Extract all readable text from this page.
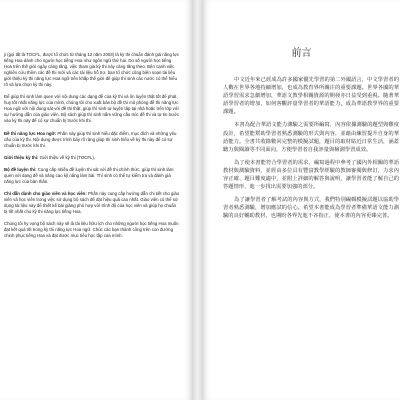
ji (gọi tắt là TOCFL, được tổ chức từ tháng 12 năm 2003) là kỳ thi chuẩn đánh giá năng lực tiếng Hoa dành cho người học tiếng Hoa như ngôn ngữ thứ hai. Do số người học tiếng Hoa trên thế giới ngày càng tăng, việc tham gia kỳ thi này càng tăng theo. Bên cạnh việc nghiên cứu thêm các đề thi mới và các tài liệu hỗ trợ, ban tổ chức cũng biên soạn tài liệu giới thiệu kỳ thi năng lực Hoa ngữ trên khắp thế giới để giúp thí sinh các nước có thể hiểu rõ và lựa chọn kỳ thi này.

Để giúp thí sinh làm quen với nội dung các dạng đề của kỳ thi và ôn luyện thật tốt để phát huy tốt nhất năng lực của mình, chúng tôi cho xuất bản bộ đề thi mô phỏng đề thi năng lực Hoa ngữ với nội dung sát với đề thi thật, giúp thí sinh tự luyện tập tại nhà hoặc trên lớp với sự hướng dẫn của giáo viên. Bộ sách giúp thí sinh nắm vững cấu trúc đề thi và tự tin bước vào kỳ thi này để có sự chuẩn bị trước khi thi.

Đề thi năng lực Hoa ngữ: Phần này giúp thí sinh hiểu đặc điểm, mục đích và những yêu cầu của kỳ thi. Nội dung được trình bày rõ ràng giúp thí sinh hiểu về kỳ thi này để có sự chuẩn bị trước khi thi.

Giới thiệu kỳ thi: Giới thiệu về kỳ thi (TOCFL).

Bộ đề luyện thi: Cung cấp nhiều đề luyện thi sát với đề thi chính thức, giúp thí sinh làm quen với dạng đề và nâng cao kỹ năng làm bài. Thí sinh có thể tự kiểm tra và đánh giá năng lực của bản thân.

Chỉ dẫn dành cho giáo viên và học viên: Phần này cung cấp hướng dẫn chi tiết cho giáo viên và học viên trong việc sử dụng bộ sách để đạt hiệu quả cao nhất. Giáo viên có thể sử dụng tài liệu này để thiết kế bài giảng phù hợp với trình độ của học viên và giúp họ chuẩn bị tốt nhất cho kỳ thi năng lực tiếng Hoa.

Chúng tôi hy vọng bộ sách này sẽ là tài liệu hữu ích cho những người học tiếng Hoa muốn đạt kết quả tốt trong kỳ thi năng lực Hoa ngữ. Chúc các bạn thành công trên con đường chinh phục tiếng Hoa và đạt được mục tiêu học tập của mình.

前言

中文近年來已經成為許多國家優先學習的第二外國語言，中文學習者的人數在世界各地持續增加，也成為教育界所關注的重要課題。世界各國的華語學習需求急劇增加，華語文教學相關資源的開發亦日益受到重視。隨著華語學習者的增加，如何客觀評量學習者的華語能力，成為華語教學界的重要課題。

本書為配合華語文能力測驗之需要所編寫，內容依據測驗的題型與難度設計，希望能幫助學習者熟悉測驗的形式與內容，並藉由練習提升自身的華語能力。全書共收錄數回完整的模擬試題，題目的取材貼近日常生活，涵蓋聽力與閱讀等不同面向，方便學習者自我評量與檢測學習成效。

為了使本書能符合學習者的需求，編寫過程中參考了國內外相關的華語教材與測驗資料，並經由多位具有豐富教學經驗的教師審閱與修訂，力求內容正確、題目難度適中，並附上詳細的解答與說明，讓學習者能了解自己的答題情形，進一步找出需要加強的部分。

為了讓學習者了解考試的內容與方式，我們特別編輯模擬試題以協助學習者熟悉測驗，增加應試的信心。希望本書能成為學習者準備華語文能力測驗的良好輔助教材，也期盼各界先進不吝指正，使本書的內容更臻完善。
